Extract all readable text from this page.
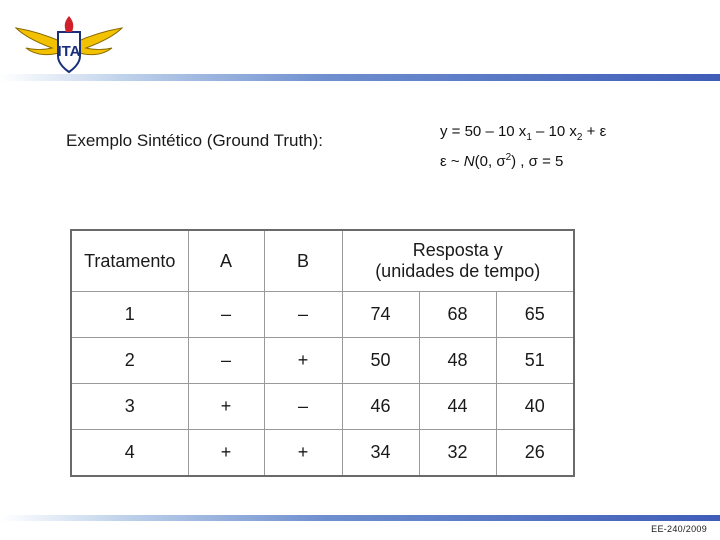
ITA
Exemplo Sintético (Ground Truth):	y = 50 – 10 $x_1 - 10$ $x_2 + \varepsilon$
ε ~ N(0, $\sigma^2$) , σ = 5
Tratamento	A	B	Resposta y
(unidades de tempo)		
1	–	–	74	68	65
2	–	+	50	48	51
3	+	–	46	44	40
4	+	+	34	32	26
EE-240/2009
